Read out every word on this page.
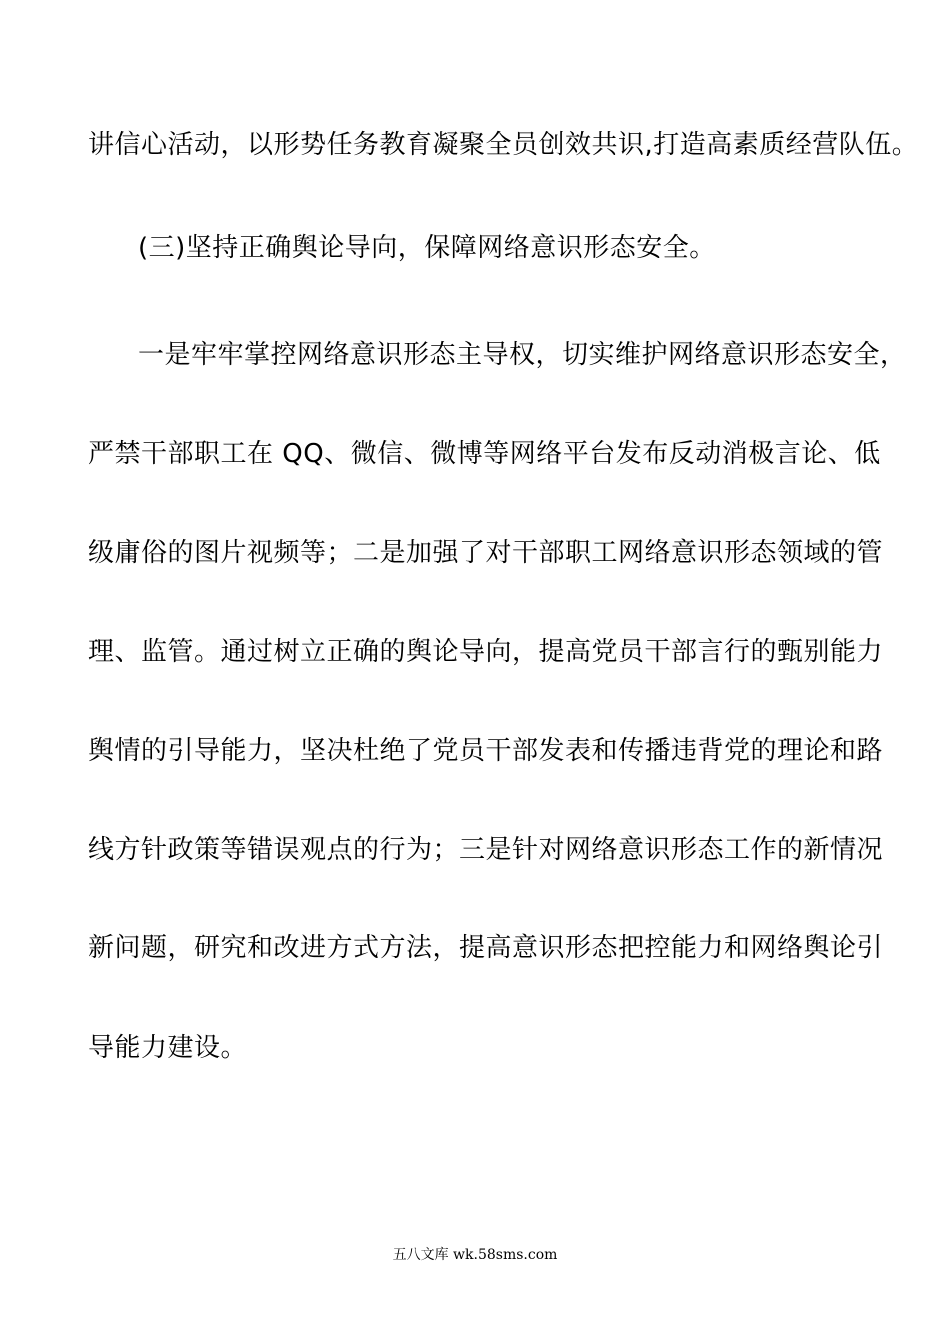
讲信心活动，以形势任务教育凝聚全员创效共识,打造高素质经营队伍。
(三)坚持正确舆论导向，保障网络意识形态安全。
一是牢牢掌控网络意识形态主导权，切实维护网络意识形态安全，
严禁干部职工在 QQ、微信、微博等网络平台发布反动消极言论、低
级庸俗的图片视频等；二是加强了对干部职工网络意识形态领域的管
理、监管。通过树立正确的舆论导向，提高党员干部言行的甄别能力
舆情的引导能力，坚决杜绝了党员干部发表和传播违背党的理论和路
线方针政策等错误观点的行为；三是针对网络意识形态工作的新情况
新问题，研究和改进方式方法，提高意识形态把控能力和网络舆论引
导能力建设。
五八文库 wk.58sms.com
